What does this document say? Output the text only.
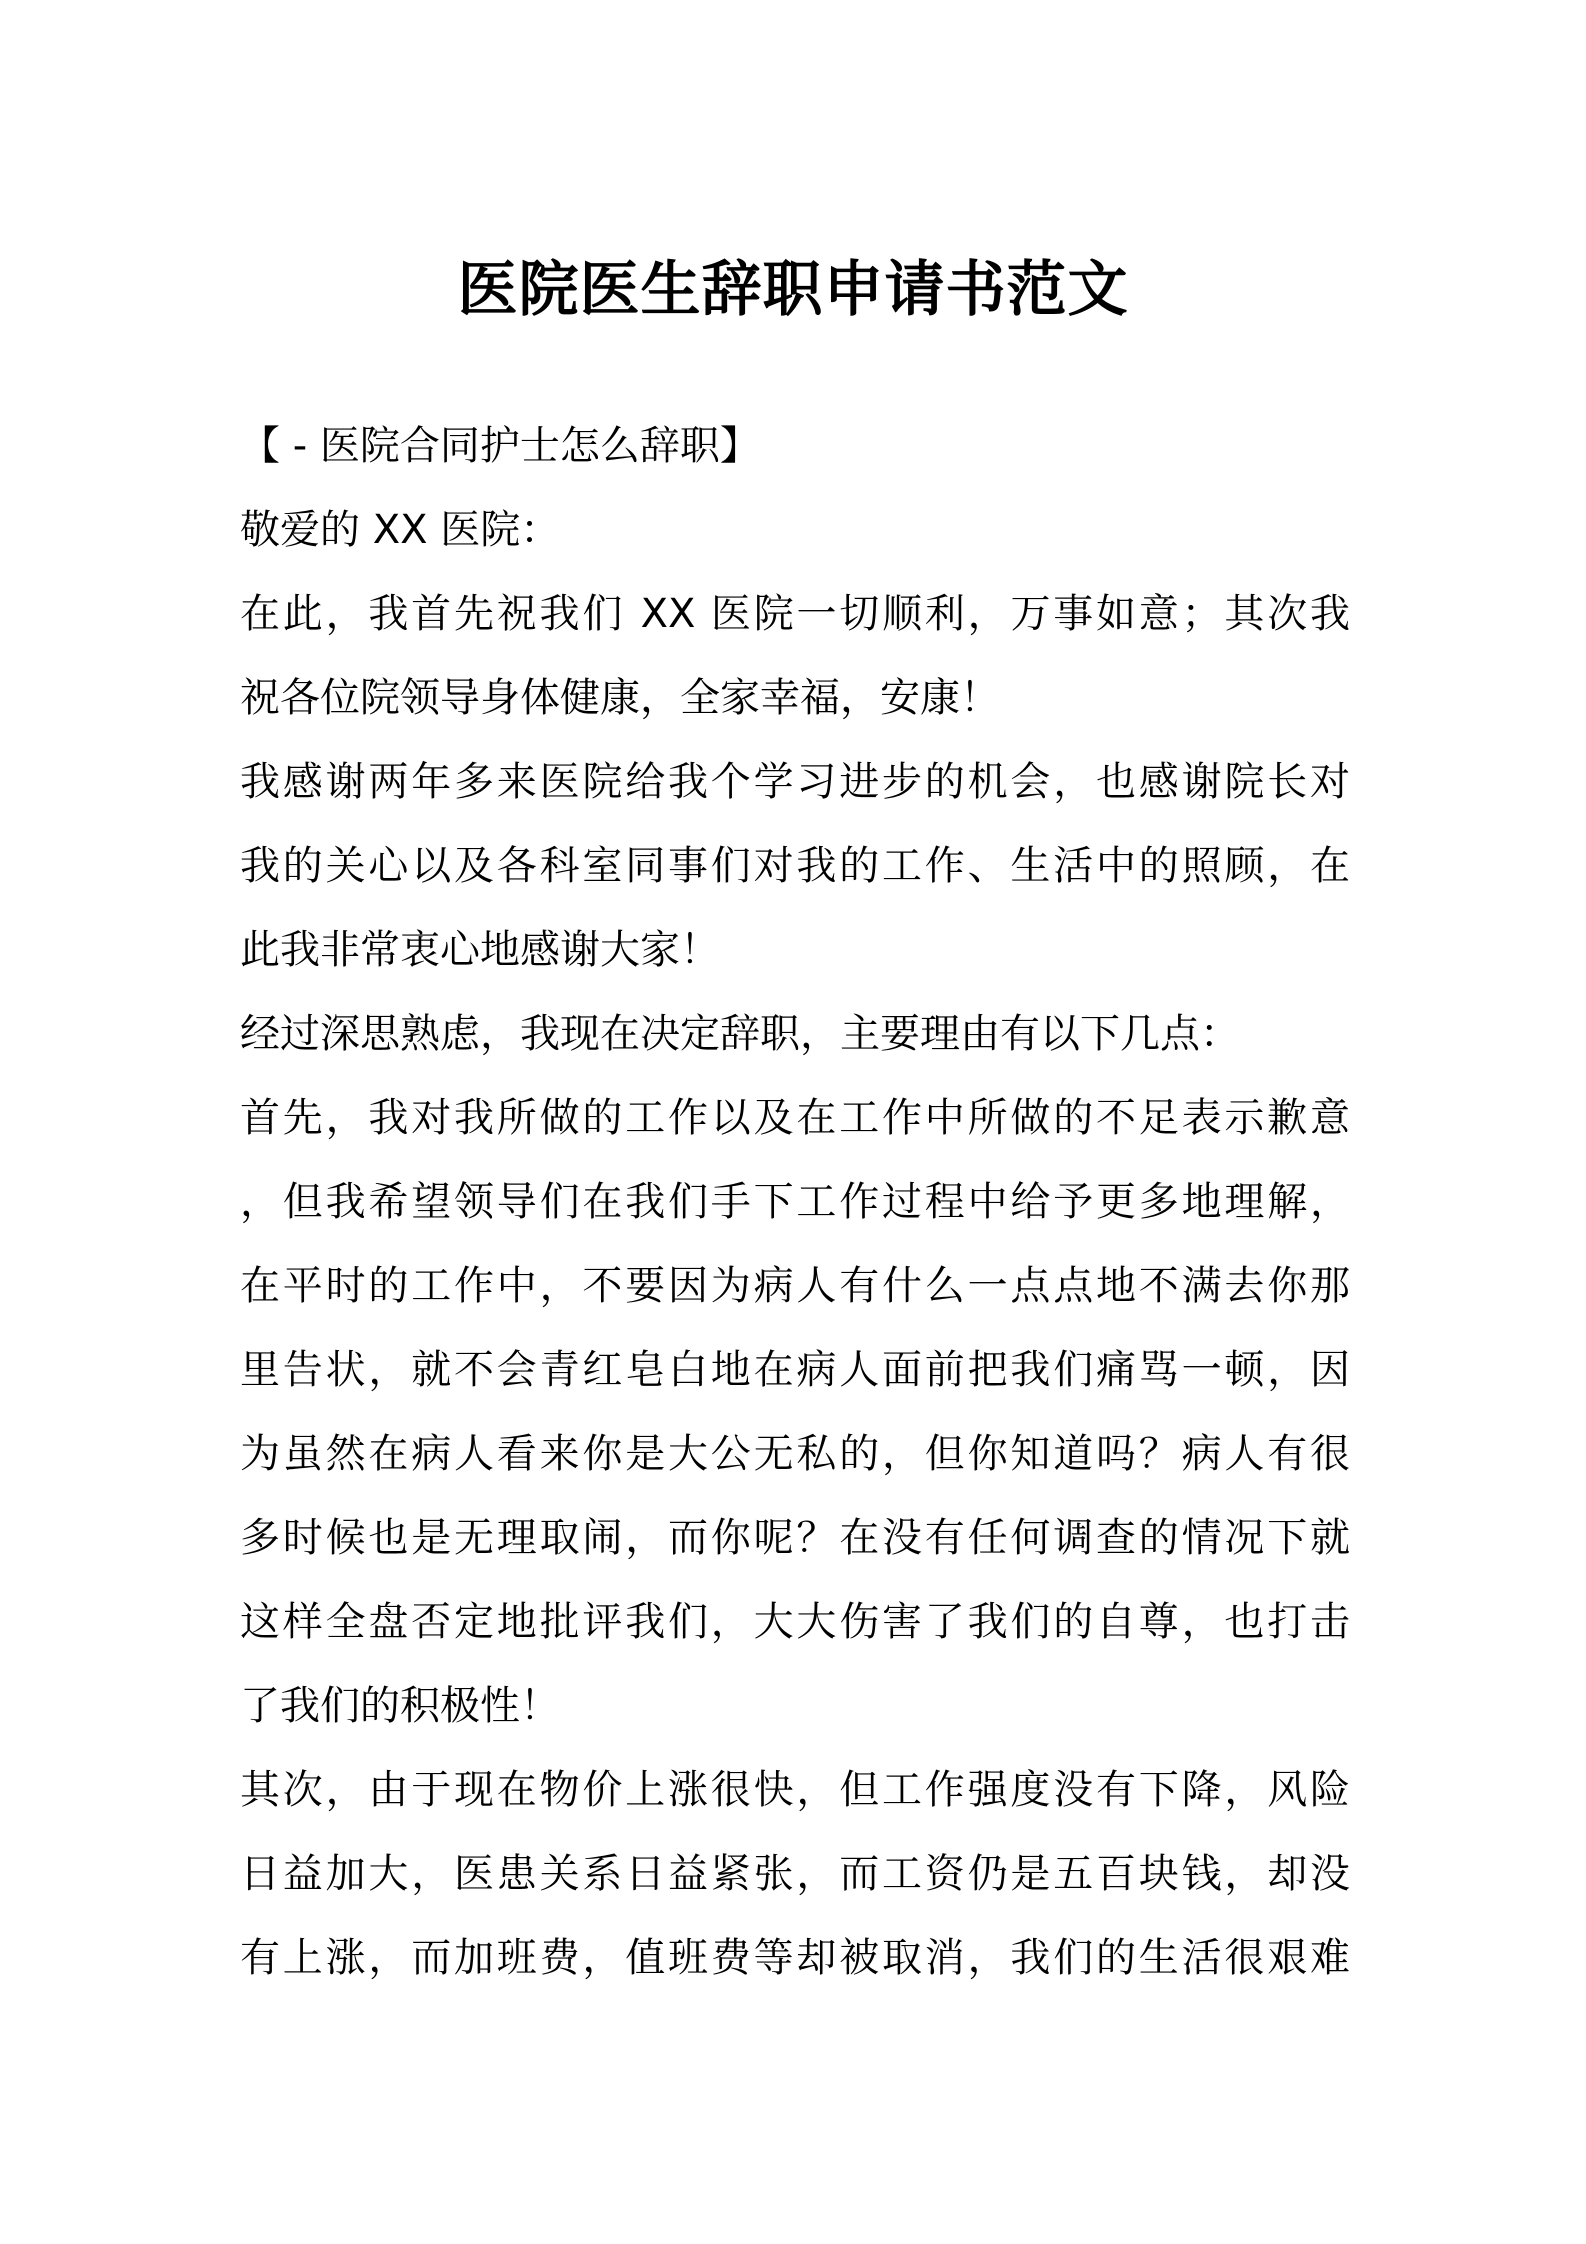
医院医生辞职申请书范文

【 - 医院合同护士怎么辞职】

敬爱的 XX 医院：

在此，我首先祝我们 XX 医院一切顺利，万事如意；其次我

祝各位院领导身体健康，全家幸福，安康！

我感谢两年多来医院给我个学习进步的机会，也感谢院长对

我的关心以及各科室同事们对我的工作、生活中的照顾，在

此我非常衷心地感谢大家！

经过深思熟虑，我现在决定辞职，主要理由有以下几点：

首先，我对我所做的工作以及在工作中所做的不足表示歉意

，但我希望领导们在我们手下工作过程中给予更多地理解，

在平时的工作中，不要因为病人有什么一点点地不满去你那

里告状，就不会青红皂白地在病人面前把我们痛骂一顿，因

为虽然在病人看来你是大公无私的，但你知道吗？病人有很

多时候也是无理取闹，而你呢？在没有任何调查的情况下就

这样全盘否定地批评我们，大大伤害了我们的自尊，也打击

了我们的积极性！

其次，由于现在物价上涨很快，但工作强度没有下降，风险

日益加大，医患关系日益紧张，而工资仍是五百块钱，却没

有上涨，而加班费，值班费等却被取消，我们的生活很艰难
